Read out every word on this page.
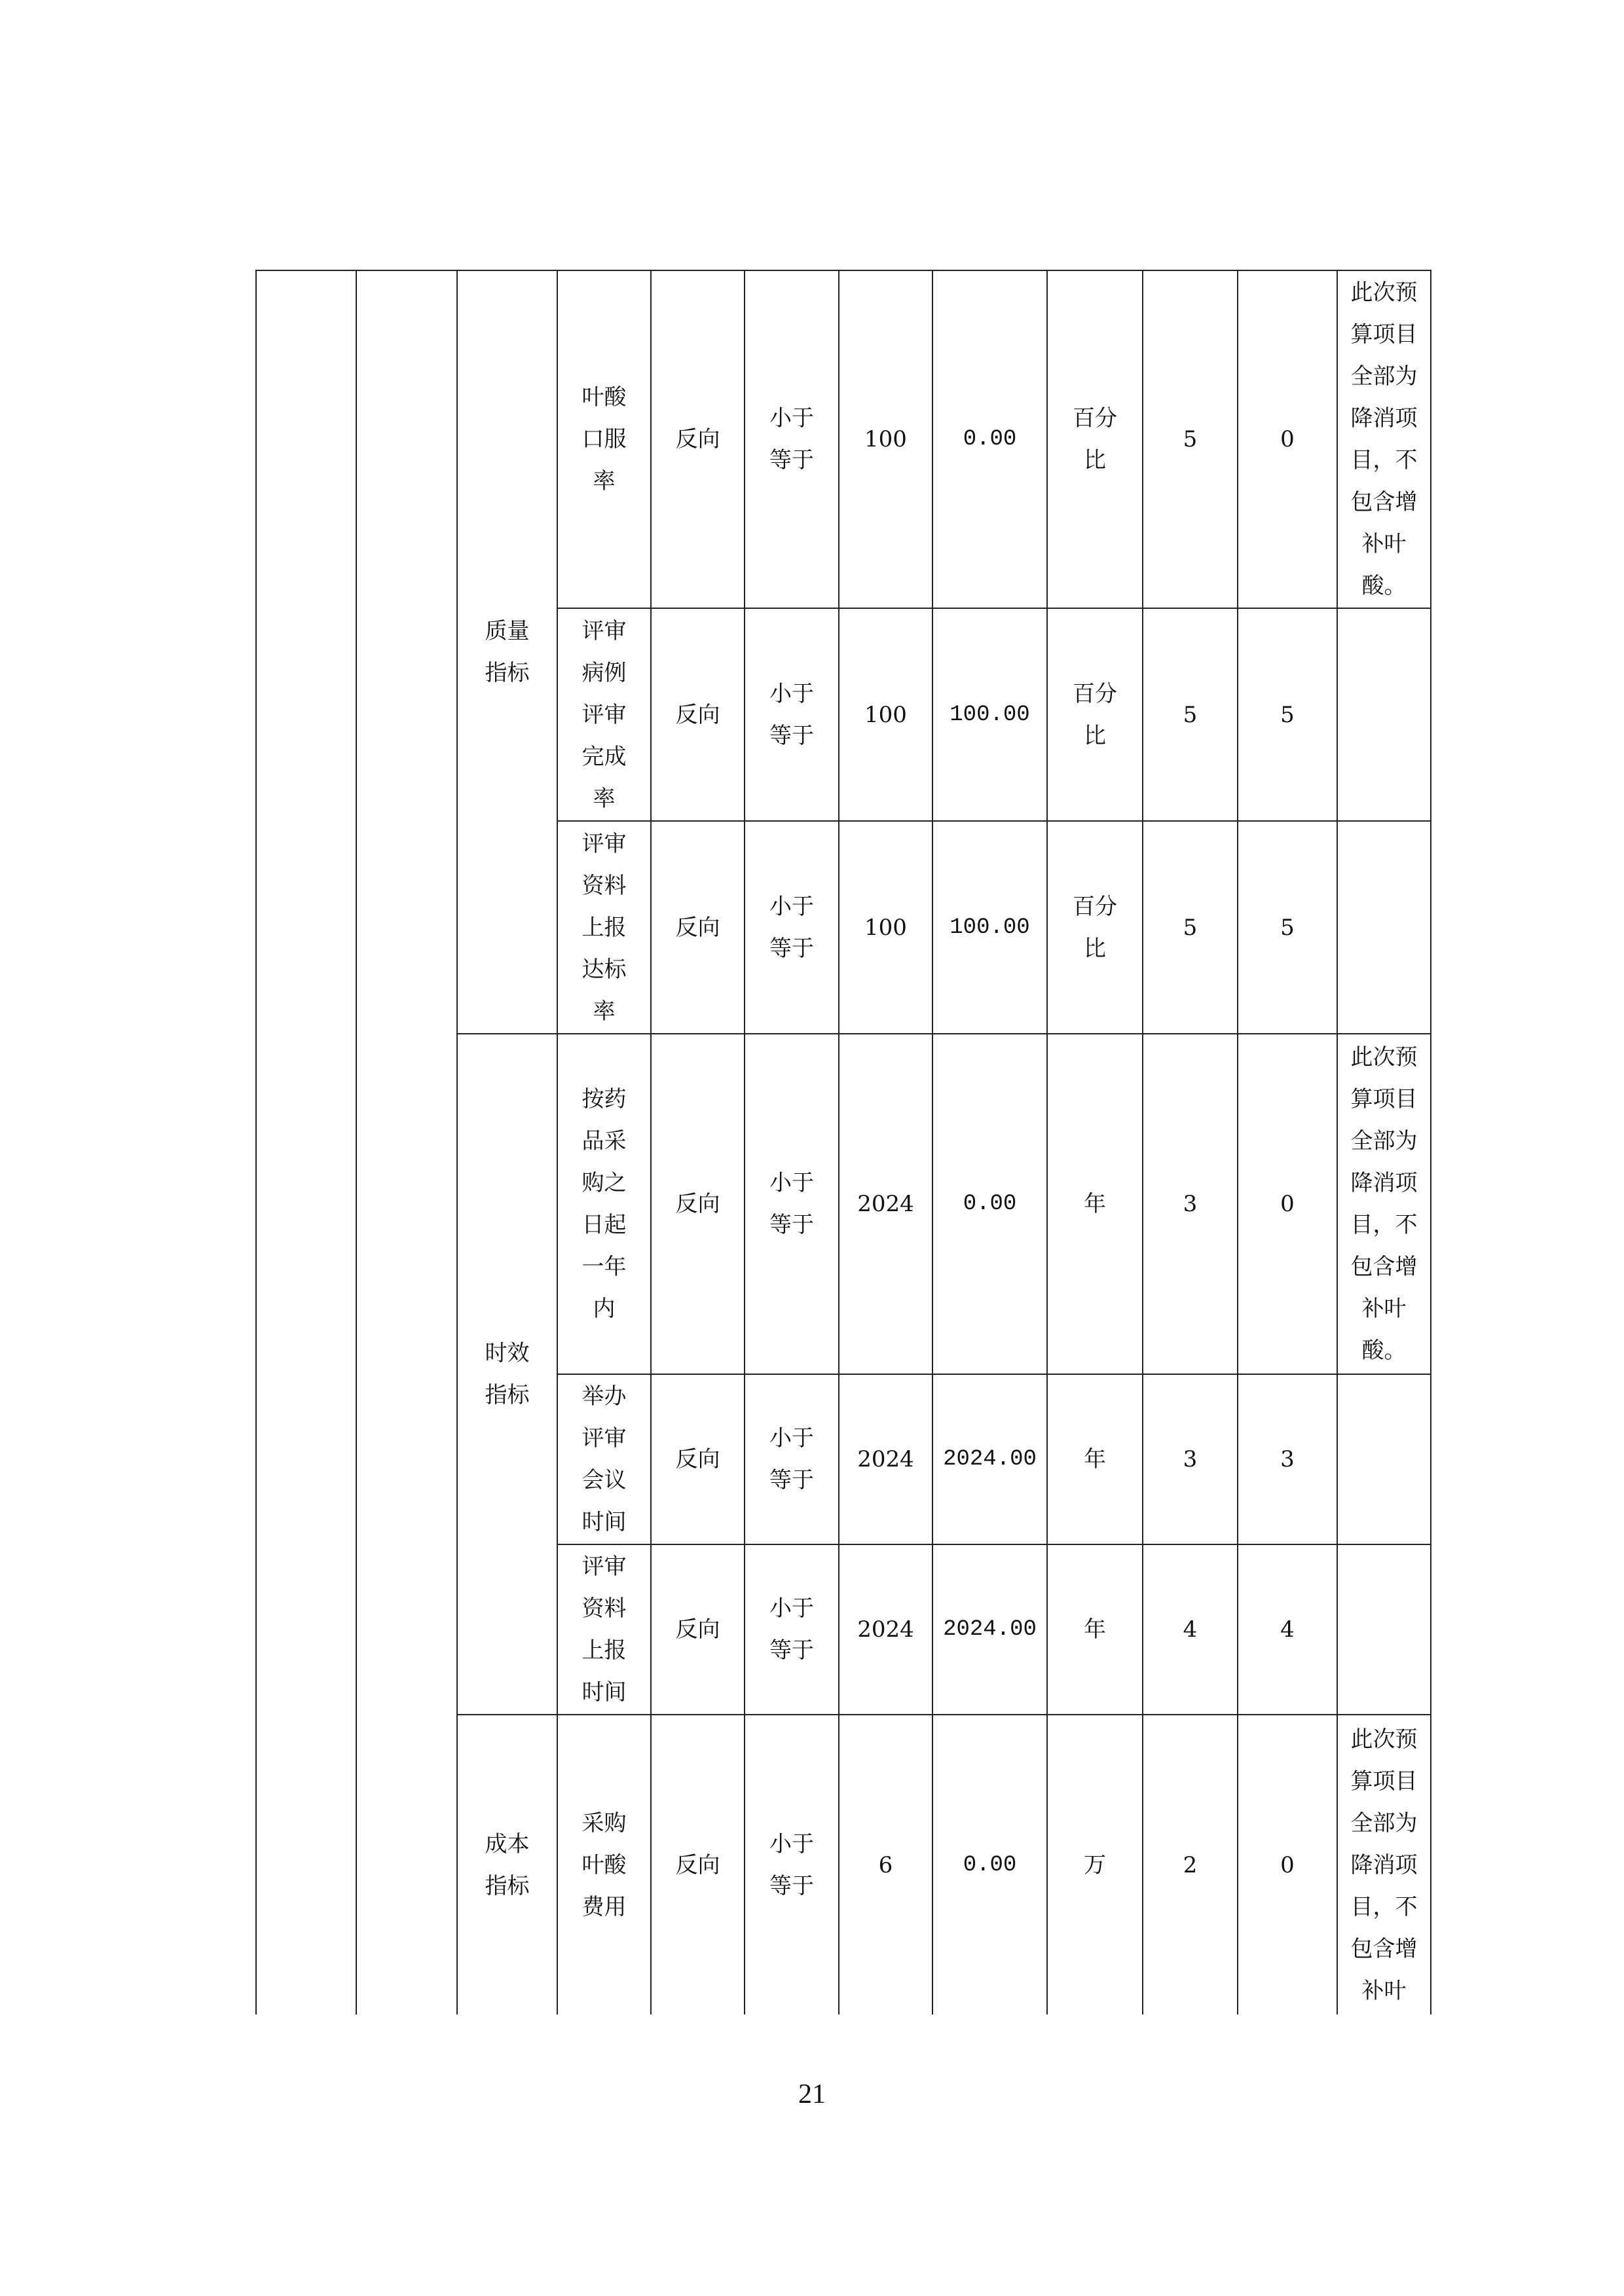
		质量指标	叶酸口服率	反向	小于等于	100	0.00	百分比	5	0	此次预算项目全部为降消项目，不包含增补叶酸。

			评审病例评审完成率	反向	小于等于	100	100.00	百分比	5	5	

			评审资料上报达标率	反向	小于等于	100	100.00	百分比	5	5	

		时效指标	按药品采购之日起一年内	反向	小于等于	2024	0.00	年	3	0	此次预算项目全部为降消项目，不包含增补叶酸。

			举办评审会议时间	反向	小于等于	2024	2024.00	年	3	3	

			评审资料上报时间	反向	小于等于	2024	2024.00	年	4	4	

		成本指标	采购叶酸费用	反向	小于等于	6	0.00	万	2	0	此次预算项目全部为降消项目，不包含增补叶
21
